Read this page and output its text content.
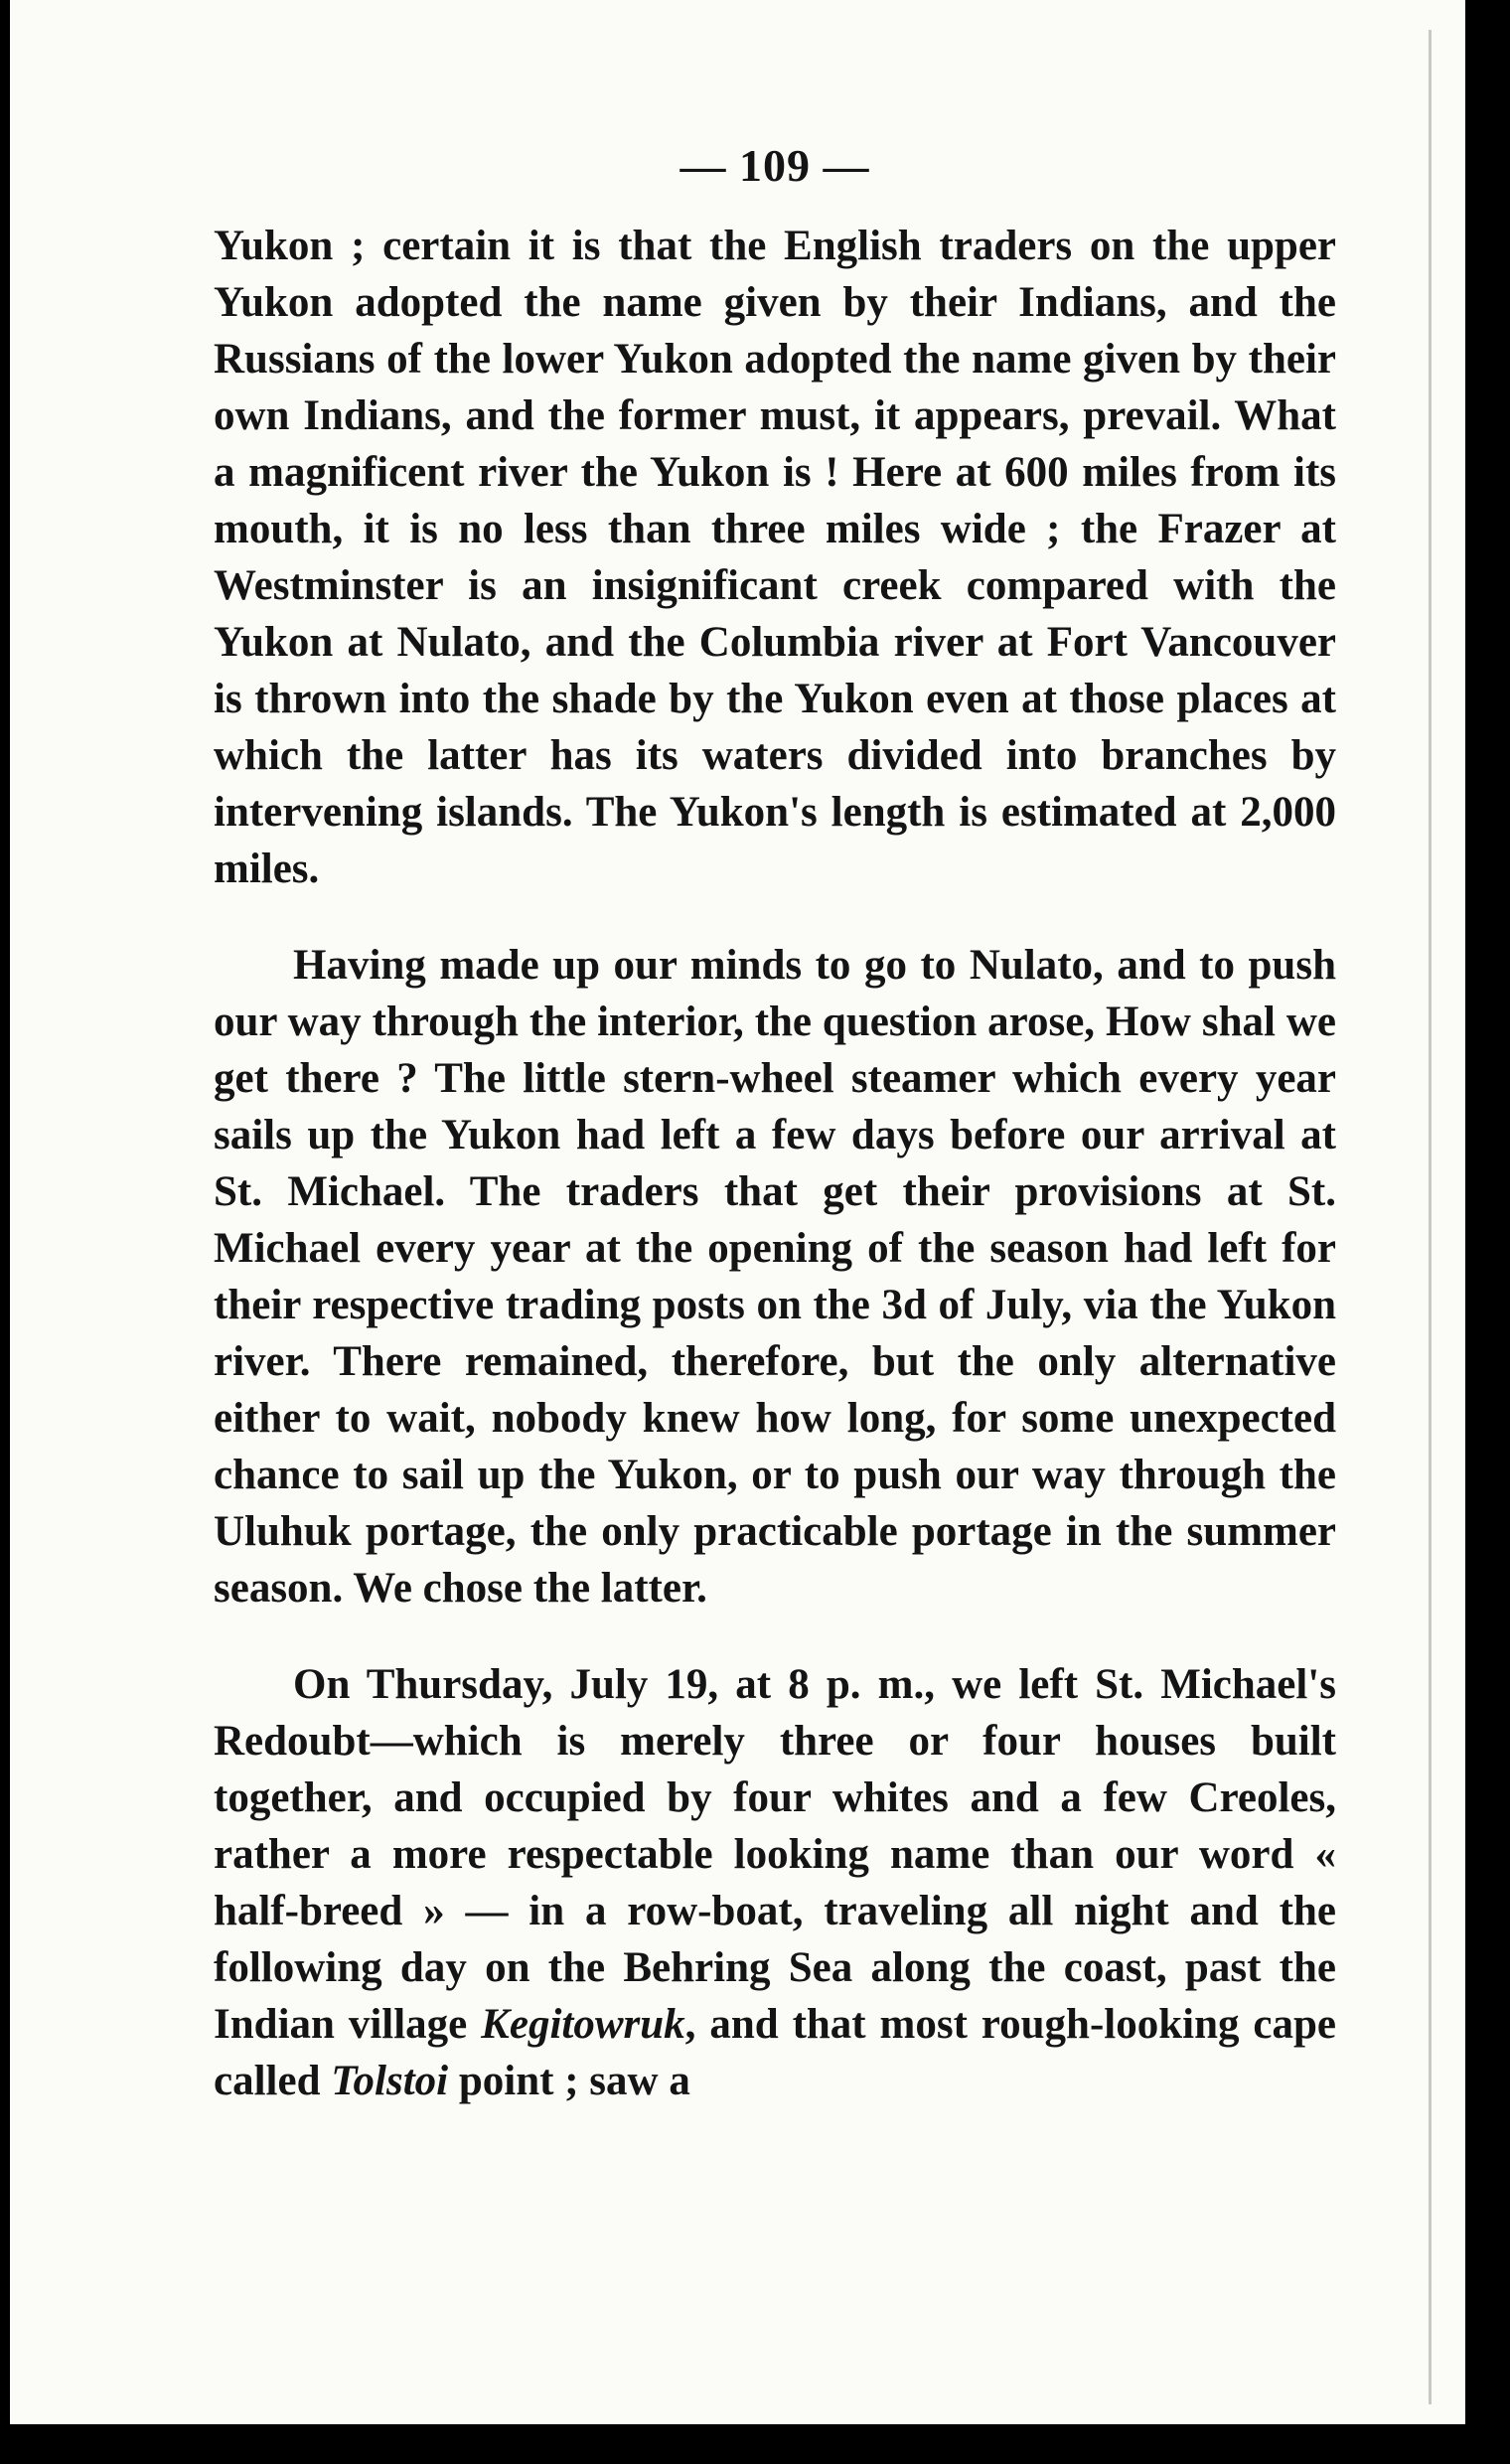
— 109 —

Yukon ; certain it is that the English traders on the upper Yukon adopted the name given by their Indians, and the Russians of the lower Yukon adopted the name given by their own Indians, and the former must, it appears, prevail. What a magnificent river the Yukon is ! Here at 600 miles from its mouth, it is no less than three miles wide ; the Frazer at Westminster is an insignificant creek compared with the Yukon at Nulato, and the Columbia river at Fort Vancouver is thrown into the shade by the Yukon even at those places at which the latter has its waters divided into branches by intervening islands. The Yukon's length is estimated at 2,000 miles.

Having made up our minds to go to Nulato, and to push our way through the interior, the question arose, How shal we get there ? The little stern-wheel steamer which every year sails up the Yukon had left a few days before our arrival at St. Michael. The traders that get their provisions at St. Michael every year at the opening of the season had left for their respective trading posts on the 3d of July, via the Yukon river. There remained, therefore, but the only alternative either to wait, nobody knew how long, for some unexpected chance to sail up the Yukon, or to push our way through the Uluhuk portage, the only practicable portage in the summer season. We chose the latter.

On Thursday, July 19, at 8 p. m., we left St. Michael's Redoubt—which is merely three or four houses built together, and occupied by four whites and a few Creoles, rather a more respectable looking name than our word « half-breed » — in a row-boat, traveling all night and the following day on the Behring Sea along the coast, past the Indian village Kegitowruk, and that most rough-looking cape called Tolstoi point ; saw a
